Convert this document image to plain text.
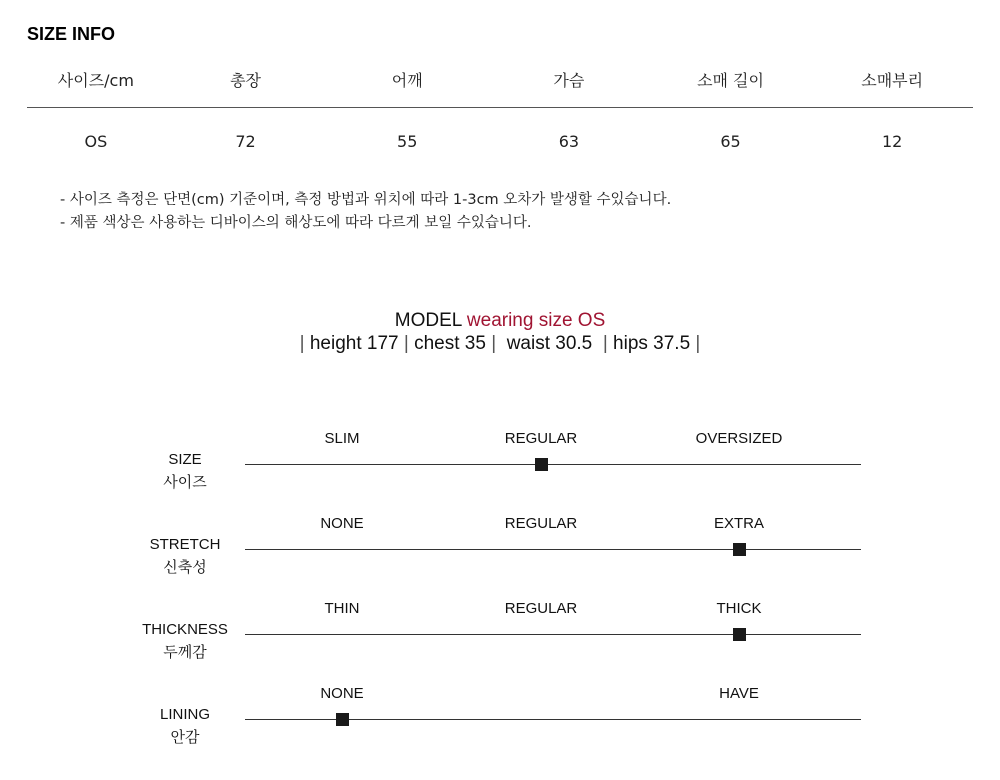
SIZE INFO
사이즈/cm	총장	어깨	가슴	소매 길이	소매부리
OS	72	55	63	65	12
- 사이즈 측정은 단면(cm) 기준이며, 측정 방법과 위치에 따라 1-3cm 오차가 발생할 수있습니다.
- 제품 색상은 사용하는 디바이스의 해상도에 따라 다르게 보일 수있습니다.
MODEL wearing size OS
| height 177 | chest 35 |  waist 30.5  | hips 37.5 |
SIZE
사이즈
SLIM	REGULAR	OVERSIZED
STRETCH
신축성
NONE	REGULAR	EXTRA
THICKNESS
두께감
THIN	REGULAR	THICK
LINING
안감
NONE	HAVE
